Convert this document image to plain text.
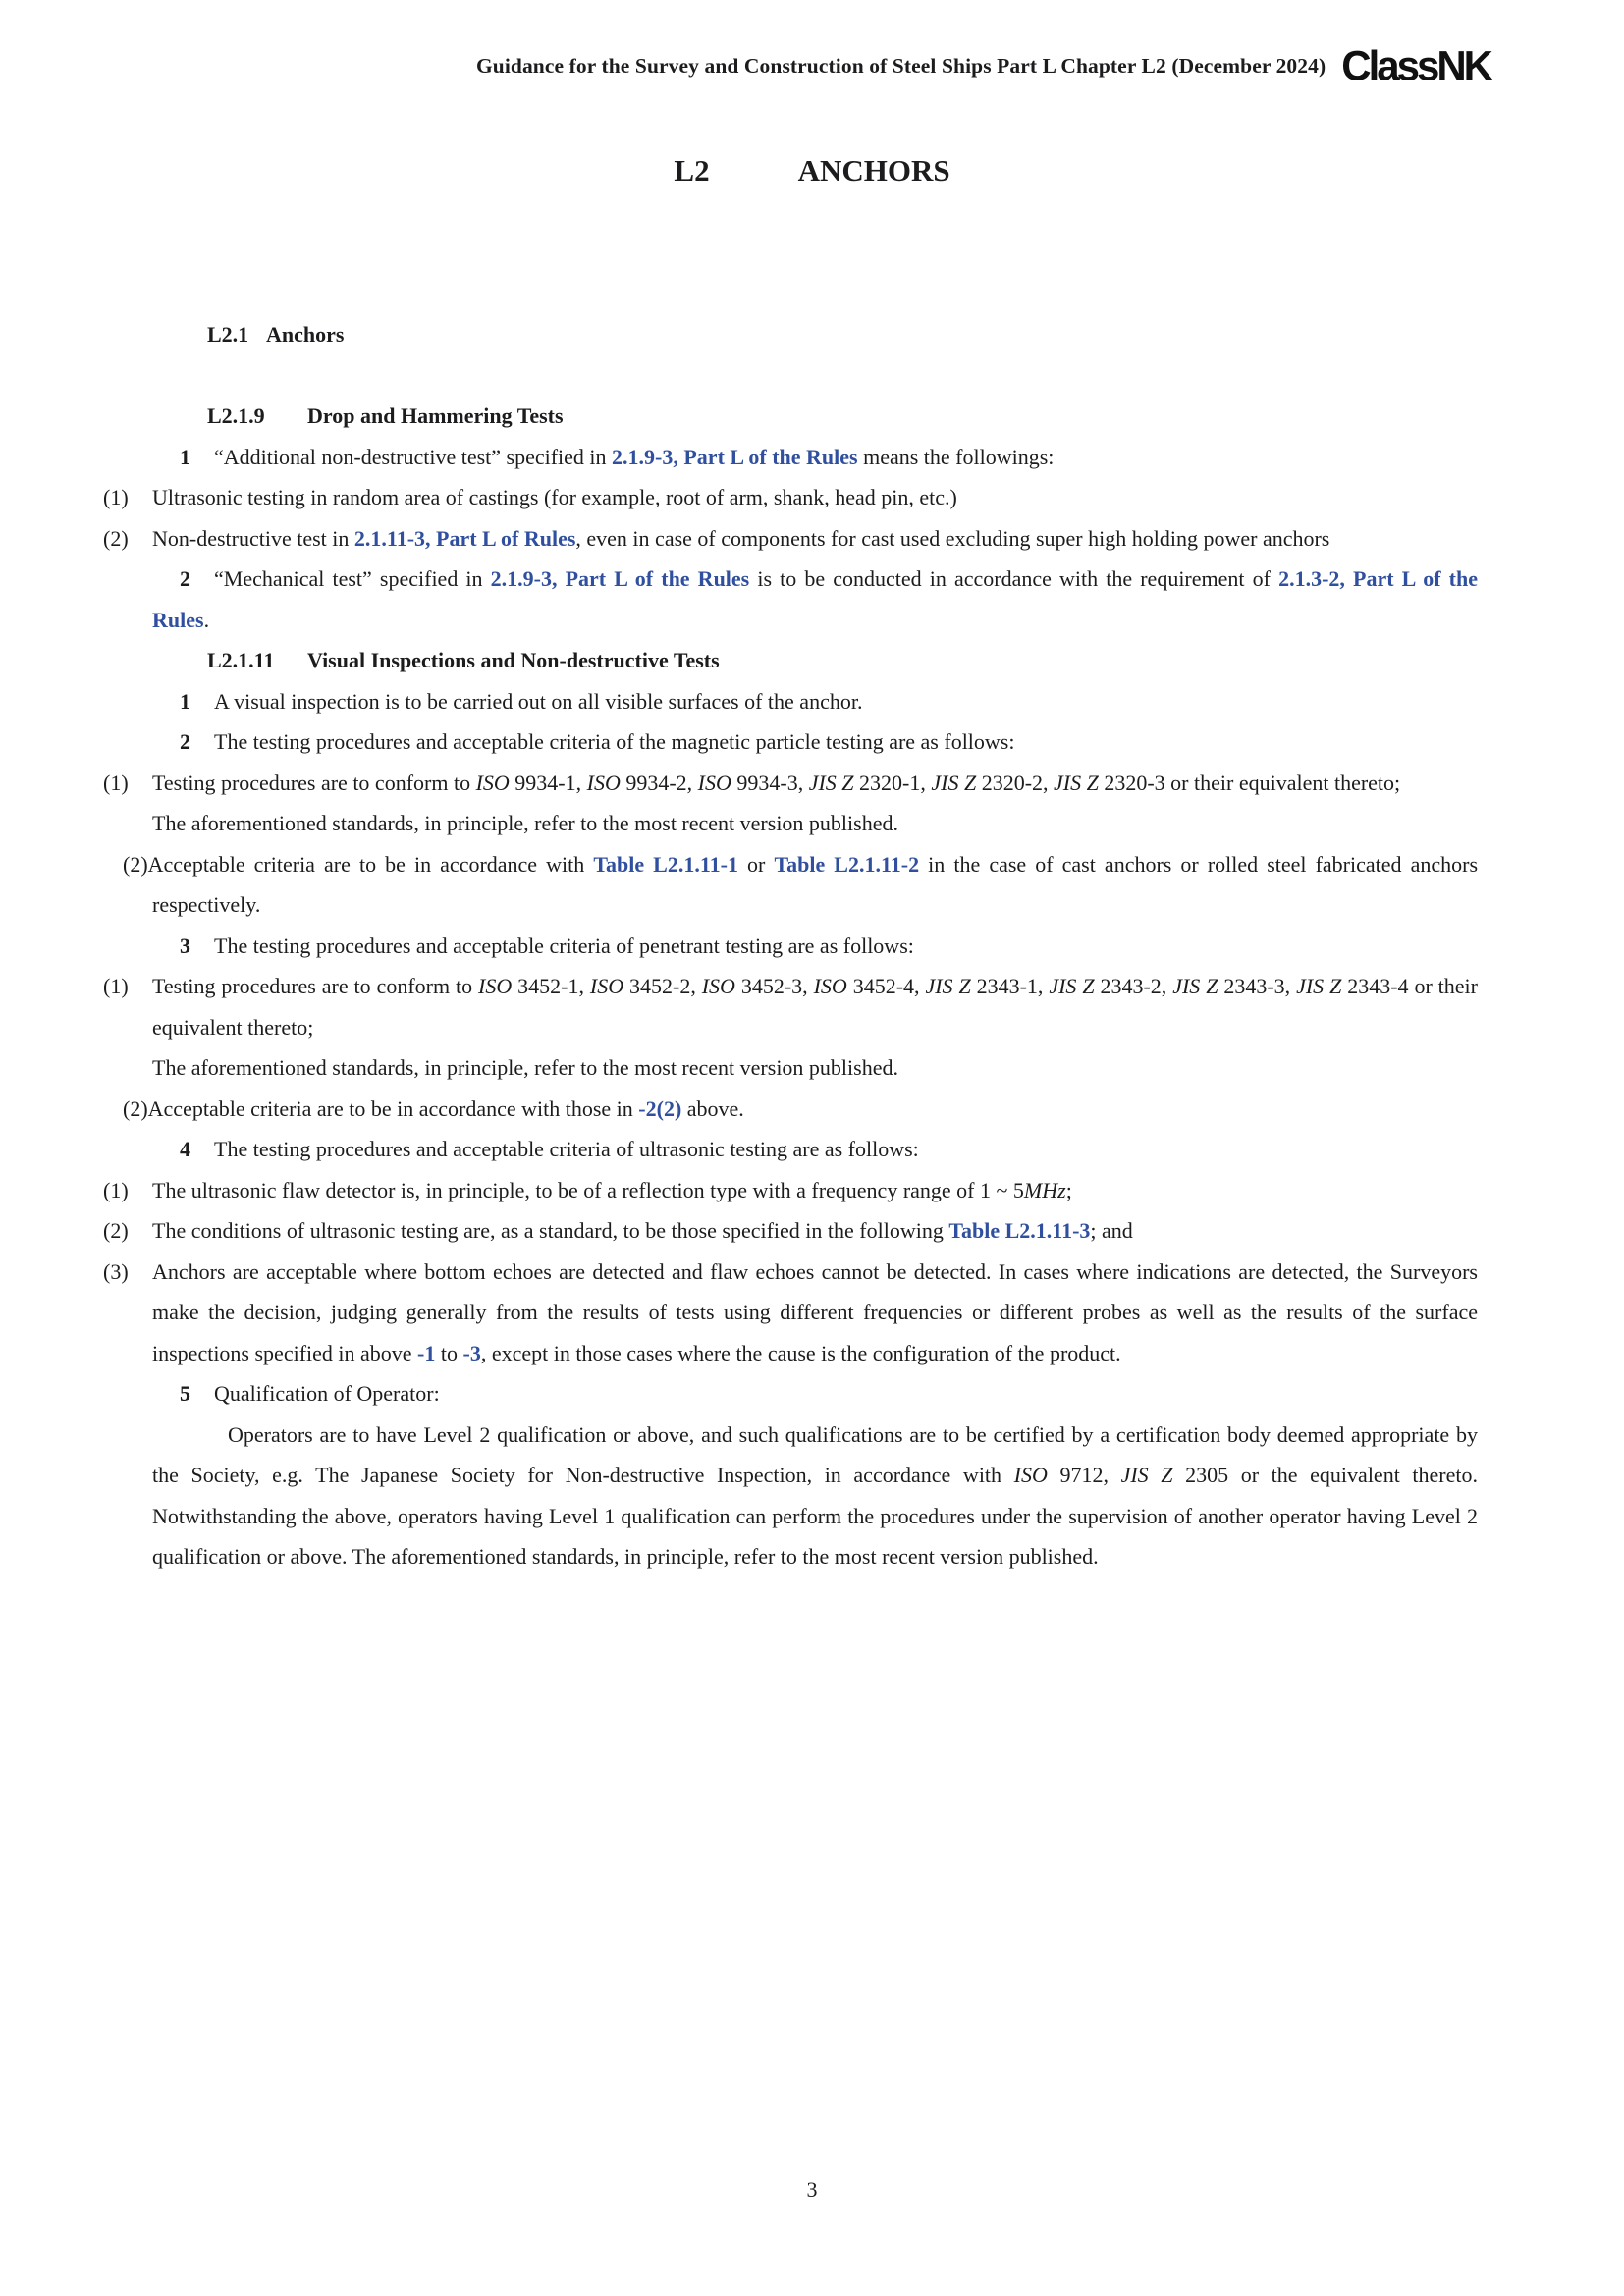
Guidance for the Survey and Construction of Steel Ships Part L Chapter L2 (December 2024) ClassNK
L2	ANCHORS
L2.1 Anchors
L2.1.9 Drop and Hammering Tests
1 “Additional non-destructive test” specified in 2.1.9-3, Part L of the Rules means the followings:
(1) Ultrasonic testing in random area of castings (for example, root of arm, shank, head pin, etc.)
(2) Non-destructive test in 2.1.11-3, Part L of Rules, even in case of components for cast used excluding super high holding power anchors
2 “Mechanical test” specified in 2.1.9-3, Part L of the Rules is to be conducted in accordance with the requirement of 2.1.3-2, Part L of the Rules.
L2.1.11 Visual Inspections and Non-destructive Tests
1 A visual inspection is to be carried out on all visible surfaces of the anchor.
2 The testing procedures and acceptable criteria of the magnetic particle testing are as follows:
(1) Testing procedures are to conform to ISO 9934-1, ISO 9934-2, ISO 9934-3, JIS Z 2320-1, JIS Z 2320-2, JIS Z 2320-3 or their equivalent thereto;
The aforementioned standards, in principle, refer to the most recent version published.
(2)Acceptable criteria are to be in accordance with Table L2.1.11-1 or Table L2.1.11-2 in the case of cast anchors or rolled steel fabricated anchors respectively.
3 The testing procedures and acceptable criteria of penetrant testing are as follows:
(1) Testing procedures are to conform to ISO 3452-1, ISO 3452-2, ISO 3452-3, ISO 3452-4, JIS Z 2343-1, JIS Z 2343-2, JIS Z 2343-3, JIS Z 2343-4 or their equivalent thereto;
The aforementioned standards, in principle, refer to the most recent version published.
(2)Acceptable criteria are to be in accordance with those in -2(2) above.
4 The testing procedures and acceptable criteria of ultrasonic testing are as follows:
(1) The ultrasonic flaw detector is, in principle, to be of a reflection type with a frequency range of 1 ~ 5MHz;
(2) The conditions of ultrasonic testing are, as a standard, to be those specified in the following Table L2.1.11-3; and
(3) Anchors are acceptable where bottom echoes are detected and flaw echoes cannot be detected. In cases where indications are detected, the Surveyors make the decision, judging generally from the results of tests using different frequencies or different probes as well as the results of the surface inspections specified in above -1 to -3, except in those cases where the cause is the configuration of the product.
5 Qualification of Operator:
Operators are to have Level 2 qualification or above, and such qualifications are to be certified by a certification body deemed appropriate by the Society, e.g. The Japanese Society for Non-destructive Inspection, in accordance with ISO 9712, JIS Z 2305 or the equivalent thereto. Notwithstanding the above, operators having Level 1 qualification can perform the procedures under the supervision of another operator having Level 2 qualification or above. The aforementioned standards, in principle, refer to the most recent version published.
3
